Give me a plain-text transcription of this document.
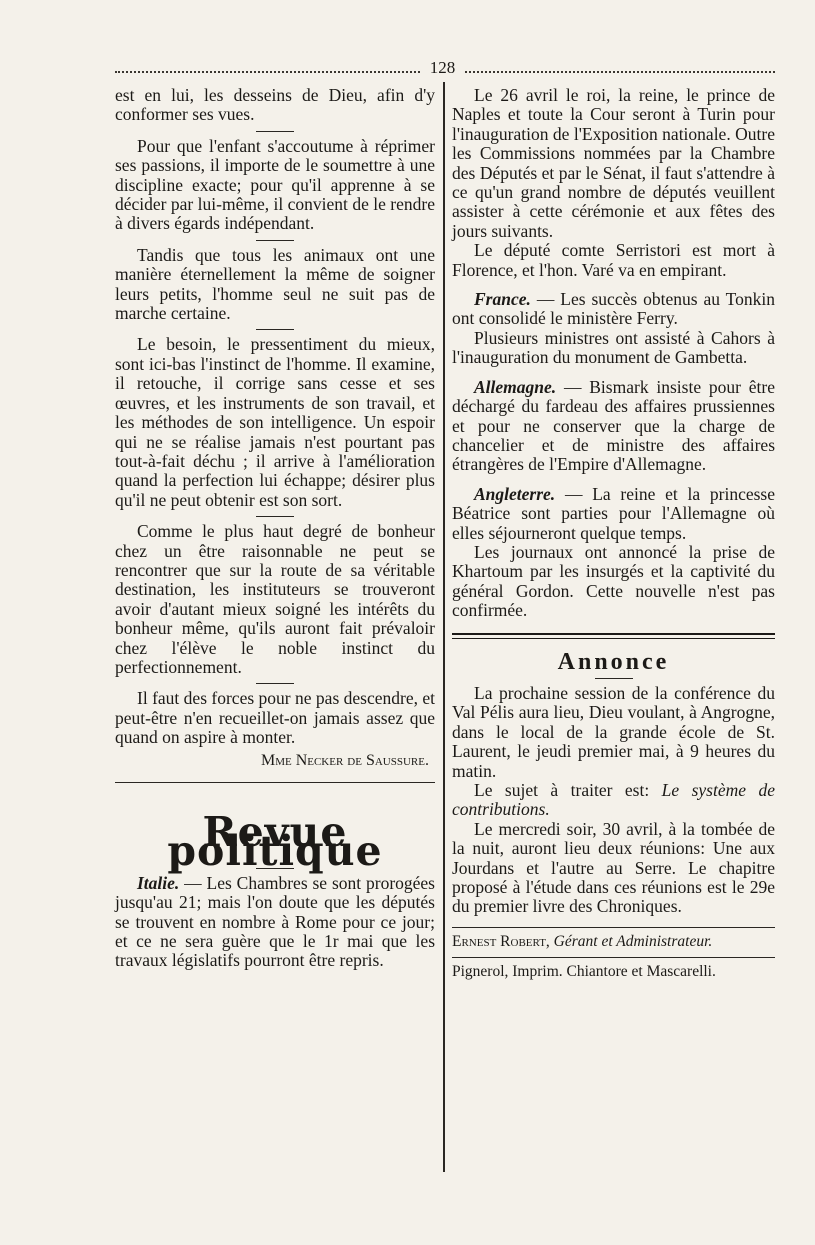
128

est en lui, les desseins de Dieu, afin d'y conformer ses vues.

Pour que l'enfant s'accoutume à réprimer ses passions, il importe de le soumettre à une discipline exacte; pour qu'il apprenne à se décider par lui-même, il convient de le rendre à divers égards indépendant.

Tandis que tous les animaux ont une manière éternellement la même de soigner leurs petits, l'homme seul ne suit pas de marche certaine.

Le besoin, le pressentiment du mieux, sont ici-bas l'instinct de l'homme. Il examine, il retouche, il corrige sans cesse et ses œuvres, et les instruments de son travail, et les méthodes de son intelligence. Un espoir qui ne se réalise jamais n'est pourtant pas tout-à-fait déchu ; il arrive à l'amélioration quand la perfection lui échappe; désirer plus qu'il ne peut obtenir est son sort.

Comme le plus haut degré de bonheur chez un être raisonnable ne peut se rencontrer que sur la route de sa véritable destination, les instituteurs se trouveront avoir d'autant mieux soigné les intérêts du bonheur même, qu'ils auront fait prévaloir chez l'élève le noble instinct du perfectionnement.

Il faut des forces pour ne pas descendre, et peut-être n'en recueillet-on jamais assez que quand on aspire à monter.

Mme Necker de Saussure.
Revue politique

Italie. — Les Chambres se sont prorogées jusqu'au 21; mais l'on doute que les députés se trouvent en nombre à Rome pour ce jour; et ce ne sera guère que le 1r mai que les travaux législatifs pourront être repris.

Le 26 avril le roi, la reine, le prince de Naples et toute la Cour seront à Turin pour l'inauguration de l'Exposition nationale. Outre les Commissions nommées par la Chambre des Députés et par le Sénat, il faut s'attendre à ce qu'un grand nombre de députés veuillent assister à cette cérémonie et aux fêtes des jours suivants.

Le député comte Serristori est mort à Florence, et l'hon. Varé va en empirant.

France. — Les succès obtenus au Tonkin ont consolidé le ministère Ferry.

Plusieurs ministres ont assisté à Cahors à l'inauguration du monument de Gambetta.

Allemagne. — Bismark insiste pour être déchargé du fardeau des affaires prussiennes et pour ne conserver que la charge de chancelier et de ministre des affaires étrangères de l'Empire d'Allemagne.

Angleterre. — La reine et la princesse Béatrice sont parties pour l'Allemagne où elles séjourneront quelque temps.

Les journaux ont annoncé la prise de Khartoum par les insurgés et la captivité du général Gordon. Cette nouvelle n'est pas confirmée.

Annonce

La prochaine session de la conférence du Val Pélis aura lieu, Dieu voulant, à Angrogne, dans le local de la grande école de St. Laurent, le jeudi premier mai, à 9 heures du matin.

Le sujet à traiter est: Le système de contributions.

Le mercredi soir, 30 avril, à la tombée de la nuit, auront lieu deux réunions: Une aux Jourdans et l'autre au Serre. Le chapitre proposé à l'étude dans ces réunions est le 29e du premier livre des Chroniques.

Ernest Robert, Gérant et Administrateur.

Pignerol, Imprim. Chiantore et Mascarelli.
